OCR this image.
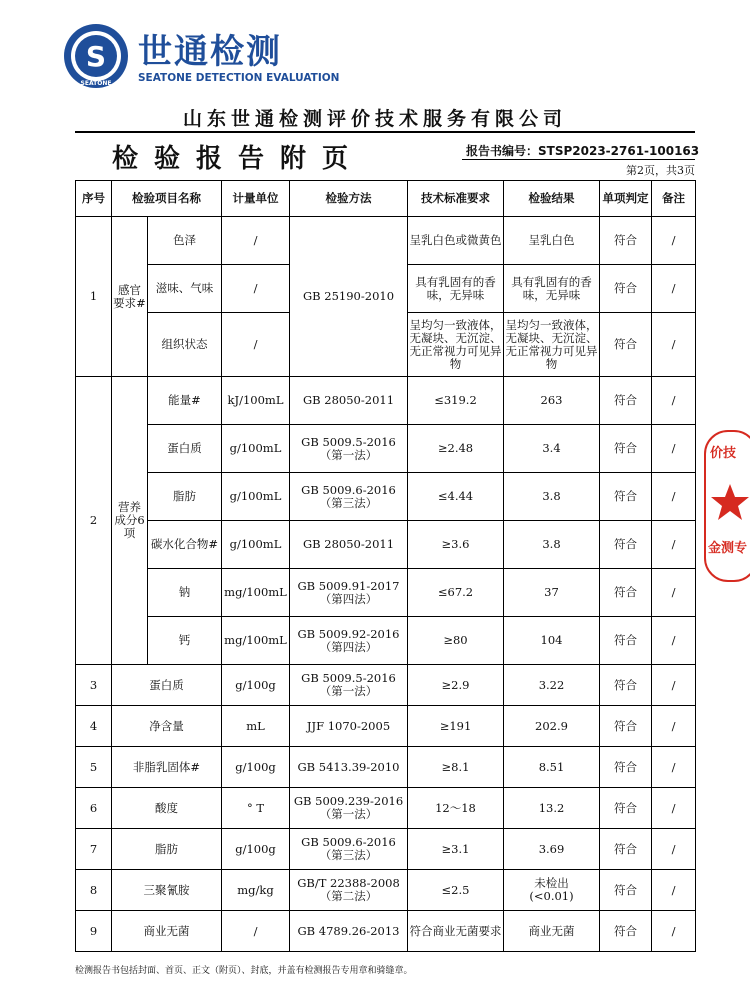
S
SEATONE
世通检测
SEATONE DETECTION EVALUATION
山东世通检测评价技术服务有限公司
检验报告附页	报告书编号：STSP2023-2761-100163
第2页，共3页
序号	检验项目名称		计量单位	检验方法	技术标准要求	检验结果	单项判定	备注
1	感官要求#	色泽	/	GB 25190-2010	呈乳白色或微黄色	呈乳白色	符合	/
		滋味、气味	/		具有乳固有的香味，无异味	具有乳固有的香味，无异味	符合	/
		组织状态	/		呈均匀一致液体，无凝块、无沉淀、无正常视力可见异物	呈均匀一致液体，无凝块、无沉淀、无正常视力可见异物	符合	/
2	营养成分6项	能量#	kJ/100mL	GB 28050-2011	≤319.2	263	符合	/
		蛋白质	g/100mL	GB 5009.5-2016
（第一法）	≥2.48	3.4	符合	/
		脂肪	g/100mL	GB 5009.6-2016
（第三法）	≤4.44	3.8	符合	/
		碳水化合物#	g/100mL	GB 28050-2011	≥3.6	3.8	符合	/
		钠	mg/100mL	GB 5009.91-2017
（第四法）	≤67.2	37	符合	/
		钙	mg/100mL	GB 5009.92-2016
（第四法）	≥80	104	符合	/
3	蛋白质		g/100g	GB 5009.5-2016
（第一法）	≥2.9	3.22	符合	/
4	净含量		mL	JJF 1070-2005	≥191	202.9	符合	/
5	非脂乳固体#		g/100g	GB 5413.39-2010	≥8.1	8.51	符合	/
6	酸度		° T	GB 5009.239-2016
（第一法）	12～18	13.2	符合	/
7	脂肪		g/100g	GB 5009.6-2016
（第三法）	≥3.1	3.69	符合	/
8	三聚氰胺		mg/kg	GB/T 22388-2008
（第二法）	≤2.5	未检出
(<0.01)	符合	/
9	商业无菌		/	GB 4789.26-2013	符合商业无菌要求	商业无菌	符合	/
检测报告书包括封面、首页、正文（附页）、封底，并盖有检测报告专用章和骑缝章。
价技
金测专
